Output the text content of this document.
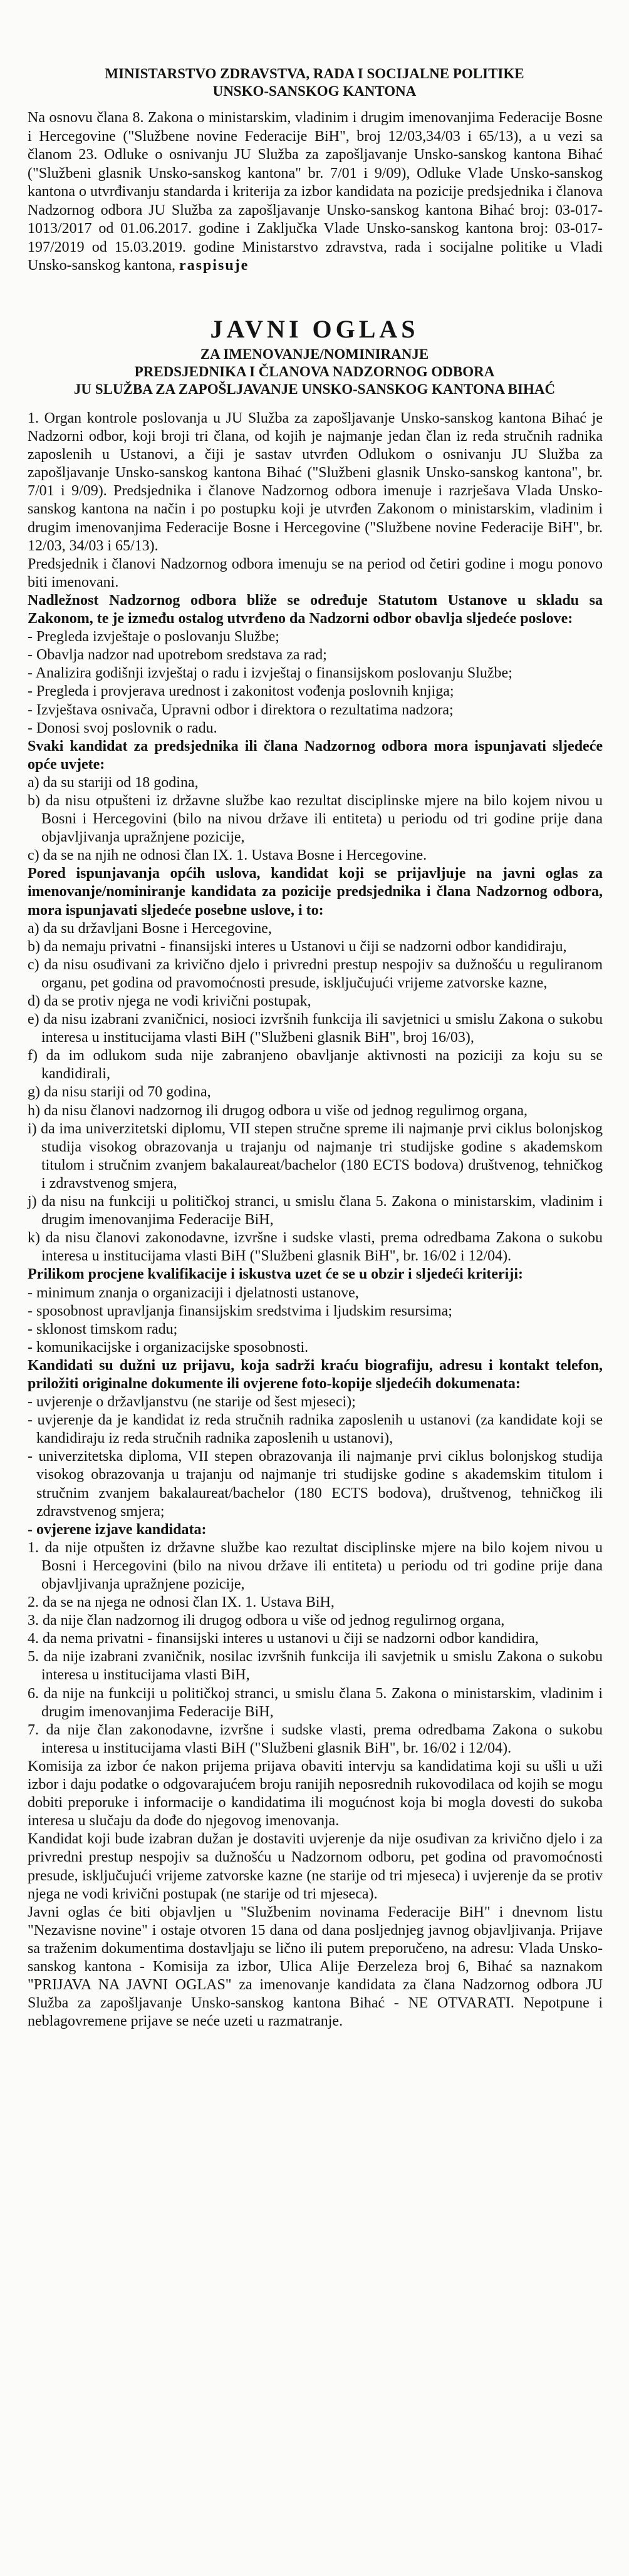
MINISTARSTVO ZDRAVSTVA, RADA I SOCIJALNE POLITIKE
UNSKO-SANSKOG KANTONA
Na osnovu člana 8. Zakona o ministarskim, vladinim i drugim imenovanjima Federacije Bosne i Hercegovine ("Službene novine Federacije BiH", broj 12/03,34/03 i 65/13), a u vezi sa članom 23. Odluke o osnivanju JU Služba za zapošljavanje Unsko-sanskog kantona Bihać ("Službeni glasnik Unsko-sanskog kantona" br. 7/01 i 9/09), Odluke Vlade Unsko-sanskog kantona o utvrđivanju standarda i kriterija za izbor kandidata na pozicije predsjednika i članova Nadzornog odbora JU Služba za zapošljavanje Unsko-sanskog kantona Bihać broj: 03-017-1013/2017 od 01.06.2017. godine i Zaključka Vlade Unsko-sanskog kantona broj: 03-017-197/2019 od 15.03.2019. godine Ministarstvo zdravstva, rada i socijalne politike u Vladi Unsko-sanskog kantona, raspisuje
JAVNI OGLAS
ZA IMENOVANJE/NOMINIRANJE
PREDSJEDNIKA I ČLANOVA NADZORNOG ODBORA
JU SLUŽBA ZA ZAPOŠLJAVANJE UNSKO-SANSKOG KANTONA BIHAĆ

1. Organ kontrole poslovanja u JU Služba za zapošljavanje Unsko-sanskog kantona Bihać je Nadzorni odbor, koji broji tri člana, od kojih je najmanje jedan član iz reda stručnih radnika zaposlenih u Ustanovi, a čiji je sastav utvrđen Odlukom o osnivanju JU Služba za zapošljavanje Unsko-sanskog kantona Bihać ("Službeni glasnik Unsko-sanskog kantona", br. 7/01 i 9/09). Predsjednika i članove Nadzornog odbora imenuje i razrješava Vlada Unsko-sanskog kantona na način i po postupku koji je utvrđen Zakonom o ministarskim, vladinim i drugim imenovanjima Federacije Bosne i Hercegovine ("Službene novine Federacije BiH", br. 12/03, 34/03 i 65/13).

Predsjednik i članovi Nadzornog odbora imenuju se na period od četiri godine i mogu ponovo biti imenovani.

Nadležnost Nadzornog odbora bliže se određuje Statutom Ustanove u skladu sa Zakonom, te je između ostalog utvrđeno da Nadzorni odbor obavlja sljedeće poslove:

- Pregleda izvještaje o poslovanju Službe;

- Obavlja nadzor nad upotrebom sredstava za rad;

- Analizira godišnji izvještaj o radu i izvještaj o finansijskom poslovanju Službe;

- Pregleda i provjerava urednost i zakonitost vođenja poslovnih knjiga;

- Izvještava osnivača, Upravni odbor i direktora o rezultatima nadzora;

- Donosi svoj poslovnik o radu.

Svaki kandidat za predsjednika ili člana Nadzornog odbora mora ispunjavati sljedeće opće uvjete:

a) da su stariji od 18 godina,

b) da nisu otpušteni iz državne službe kao rezultat disciplinske mjere na bilo kojem nivou u Bosni i Hercegovini (bilo na nivou države ili entiteta) u periodu od tri godine prije dana objavljivanja upražnjene pozicije,

c) da se na njih ne odnosi član IX. 1. Ustava Bosne i Hercegovine.

Pored ispunjavanja općih uslova, kandidat koji se prijavljuje na javni oglas za imenovanje/nominiranje kandidata za pozicije predsjednika i člana Nadzornog odbora, mora ispunjavati sljedeće posebne uslove, i to:

a) da su državljani Bosne i Hercegovine,

b) da nemaju privatni - finansijski interes u Ustanovi u čiji se nadzorni odbor kandidiraju,

c) da nisu osuđivani za krivično djelo i privredni prestup nespojiv sa dužnošću u reguliranom organu, pet godina od pravomoćnosti presude, isključujući vrijeme zatvorske kazne,

d) da se protiv njega ne vodi krivični postupak,

e) da nisu izabrani zvaničnici, nosioci izvršnih funkcija ili savjetnici u smislu Zakona o sukobu interesa u institucijama vlasti BiH ("Službeni glasnik BiH", broj 16/03),

f) da im odlukom suda nije zabranjeno obavljanje aktivnosti na poziciji za koju su se kandidirali,

g) da nisu stariji od 70 godina,

h) da nisu članovi nadzornog ili drugog odbora u više od jednog regulirnog organa,

i) da ima univerzitetski diplomu, VII stepen stručne spreme ili najmanje prvi ciklus bolonjskog studija visokog obrazovanja u trajanju od najmanje tri studijske godine s akademskom titulom i stručnim zvanjem bakalaureat/bachelor (180 ECTS bodova) društvenog, tehničkog i zdravstvenog smjera,

j) da nisu na funkciji u političkoj stranci, u smislu člana 5. Zakona o ministarskim, vladinim i drugim imenovanjima Federacije BiH,

k) da nisu članovi zakonodavne, izvršne i sudske vlasti, prema odredbama Zakona o sukobu interesa u institucijama vlasti BiH ("Službeni glasnik BiH", br. 16/02 i 12/04).

Prilikom procjene kvalifikacije i iskustva uzet će se u obzir i sljedeći kriteriji:

- minimum znanja o organizaciji i djelatnosti ustanove,

- sposobnost upravljanja finansijskim sredstvima i ljudskim resursima;

- sklonost timskom radu;

- komunikacijske i organizacijske sposobnosti.

Kandidati su dužni uz prijavu, koja sadrži kraću biografiju, adresu i kontakt telefon, priložiti originalne dokumente ili ovjerene foto-kopije sljedećih dokumenata:

- uvjerenje o državljanstvu (ne starije od šest mjeseci);

- uvjerenje da je kandidat iz reda stručnih radnika zaposlenih u ustanovi (za kandidate koji se kandidiraju iz reda stručnih radnika zaposlenih u ustanovi),

- univerzitetska diploma, VII stepen obrazovanja ili najmanje prvi ciklus bolonjskog studija visokog obrazovanja u trajanju od najmanje tri studijske godine s akademskim titulom i stručnim zvanjem bakalaureat/bachelor (180 ECTS bodova), društvenog, tehničkog ili zdravstvenog smjera;

- ovjerene izjave kandidata:

1. da nije otpušten iz državne službe kao rezultat disciplinske mjere na bilo kojem nivou u Bosni i Hercegovini (bilo na nivou države ili entiteta) u periodu od tri godine prije dana objavljivanja upražnjene pozicije,

2. da se na njega ne odnosi član IX. 1. Ustava BiH,

3. da nije član nadzornog ili drugog odbora u više od jednog regulirnog organa,

4. da nema privatni - finansijski interes u ustanovi u čiji se nadzorni odbor kandidira,

5. da nije izabrani zvaničnik, nosilac izvršnih funkcija ili savjetnik u smislu Zakona o sukobu interesa u institucijama vlasti BiH,

6. da nije na funkciji u političkoj stranci, u smislu člana 5. Zakona o ministarskim, vladinim i drugim imenovanjima Federacije BiH,

7. da nije član zakonodavne, izvršne i sudske vlasti, prema odredbama Zakona o sukobu interesa u institucijama vlasti BiH ("Službeni glasnik BiH", br. 16/02 i 12/04).

Komisija za izbor će nakon prijema prijava obaviti intervju sa kandidatima koji su ušli u uži izbor i daju podatke o odgovarajućem broju ranijih neposrednih rukovodilaca od kojih se mogu dobiti preporuke i informacije o kandidatima ili mogućnost koja bi mogla dovesti do sukoba interesa u slučaju da dođe do njegovog imenovanja.

Kandidat koji bude izabran dužan je dostaviti uvjerenje da nije osuđivan za krivično djelo i za privredni prestup nespojiv sa dužnošću u Nadzornom odboru, pet godina od pravomoćnosti presude, isključujući vrijeme zatvorske kazne (ne starije od tri mjeseca) i uvjerenje da se protiv njega ne vodi krivični postupak (ne starije od tri mjeseca).

Javni oglas će biti objavljen u "Službenim novinama Federacije BiH" i dnevnom listu "Nezavisne novine" i ostaje otvoren 15 dana od dana posljednjeg javnog objavljivanja. Prijave sa traženim dokumentima dostavljaju se lično ili putem preporučeno, na adresu: Vlada Unsko-sanskog kantona - Komisija za izbor, Ulica Alije Đerzeleza broj 6, Bihać sa naznakom "PRIJAVA NA JAVNI OGLAS" za imenovanje kandidata za člana Nadzornog odbora JU Služba za zapošljavanje Unsko-sanskog kantona Bihać - NE OTVARATI. Nepotpune i neblagovremene prijave se neće uzeti u razmatranje.
